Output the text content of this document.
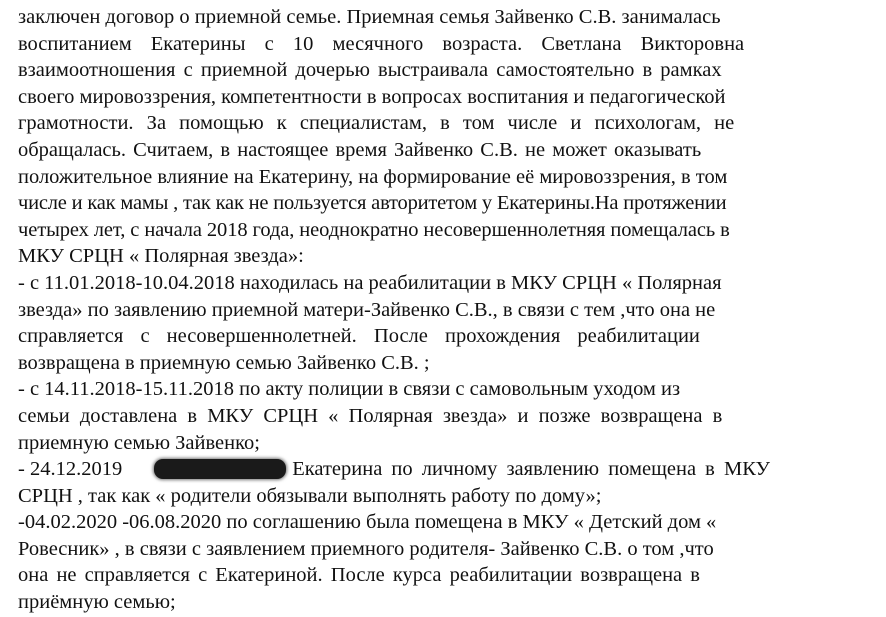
заключен договор о приемной семье. Приемная семья Зайвенко С.В. занималась
воспитанием Екатерины с 10 месячного возраста. Светлана Викторовна
взаимоотношения с приемной дочерью выстраивала самостоятельно в рамках
своего мировоззрения, компетентности в вопросах воспитания и педагогической
грамотности. За помощью к специалистам, в том числе и психологам, не
обращалась. Считаем, в настоящее время Зайвенко С.В. не может оказывать
положительное влияние на Екатерину, на формирование её мировоззрения, в том
числе и как мамы , так как не пользуется авторитетом у Екатерины.На протяжении
четырех лет, с начала 2018 года, неоднократно несовершеннолетняя помещалась в
МКУ СРЦН « Полярная звезда»:
- с 11.01.2018-10.04.2018 находилась на реабилитации в МКУ СРЦН « Полярная
звезда» по заявлению приемной матери-Зайвенко С.В., в связи с тем ,что она не
справляется с несовершеннолетней. После прохождения реабилитации
возвращена в приемную семью Зайвенко С.В. ;
- с 14.11.2018-15.11.2018 по акту полиции в связи с самовольным уходом из
семьи доставлена в МКУ СРЦН « Полярная звезда» и позже возвращена в
приемную семью Зайвенко;
- 24.12.2019	Екатерина по личному заявлению помещена в МКУ
СРЦН , так как « родители обязывали выполнять работу по дому»;
-04.02.2020 -06.08.2020 по соглашению была помещена в МКУ « Детский дом «
Ровесник» , в связи с заявлением приемного родителя- Зайвенко С.В. о том ,что
она не справляется с Екатериной. После курса реабилитации возвращена в
приёмную семью;
